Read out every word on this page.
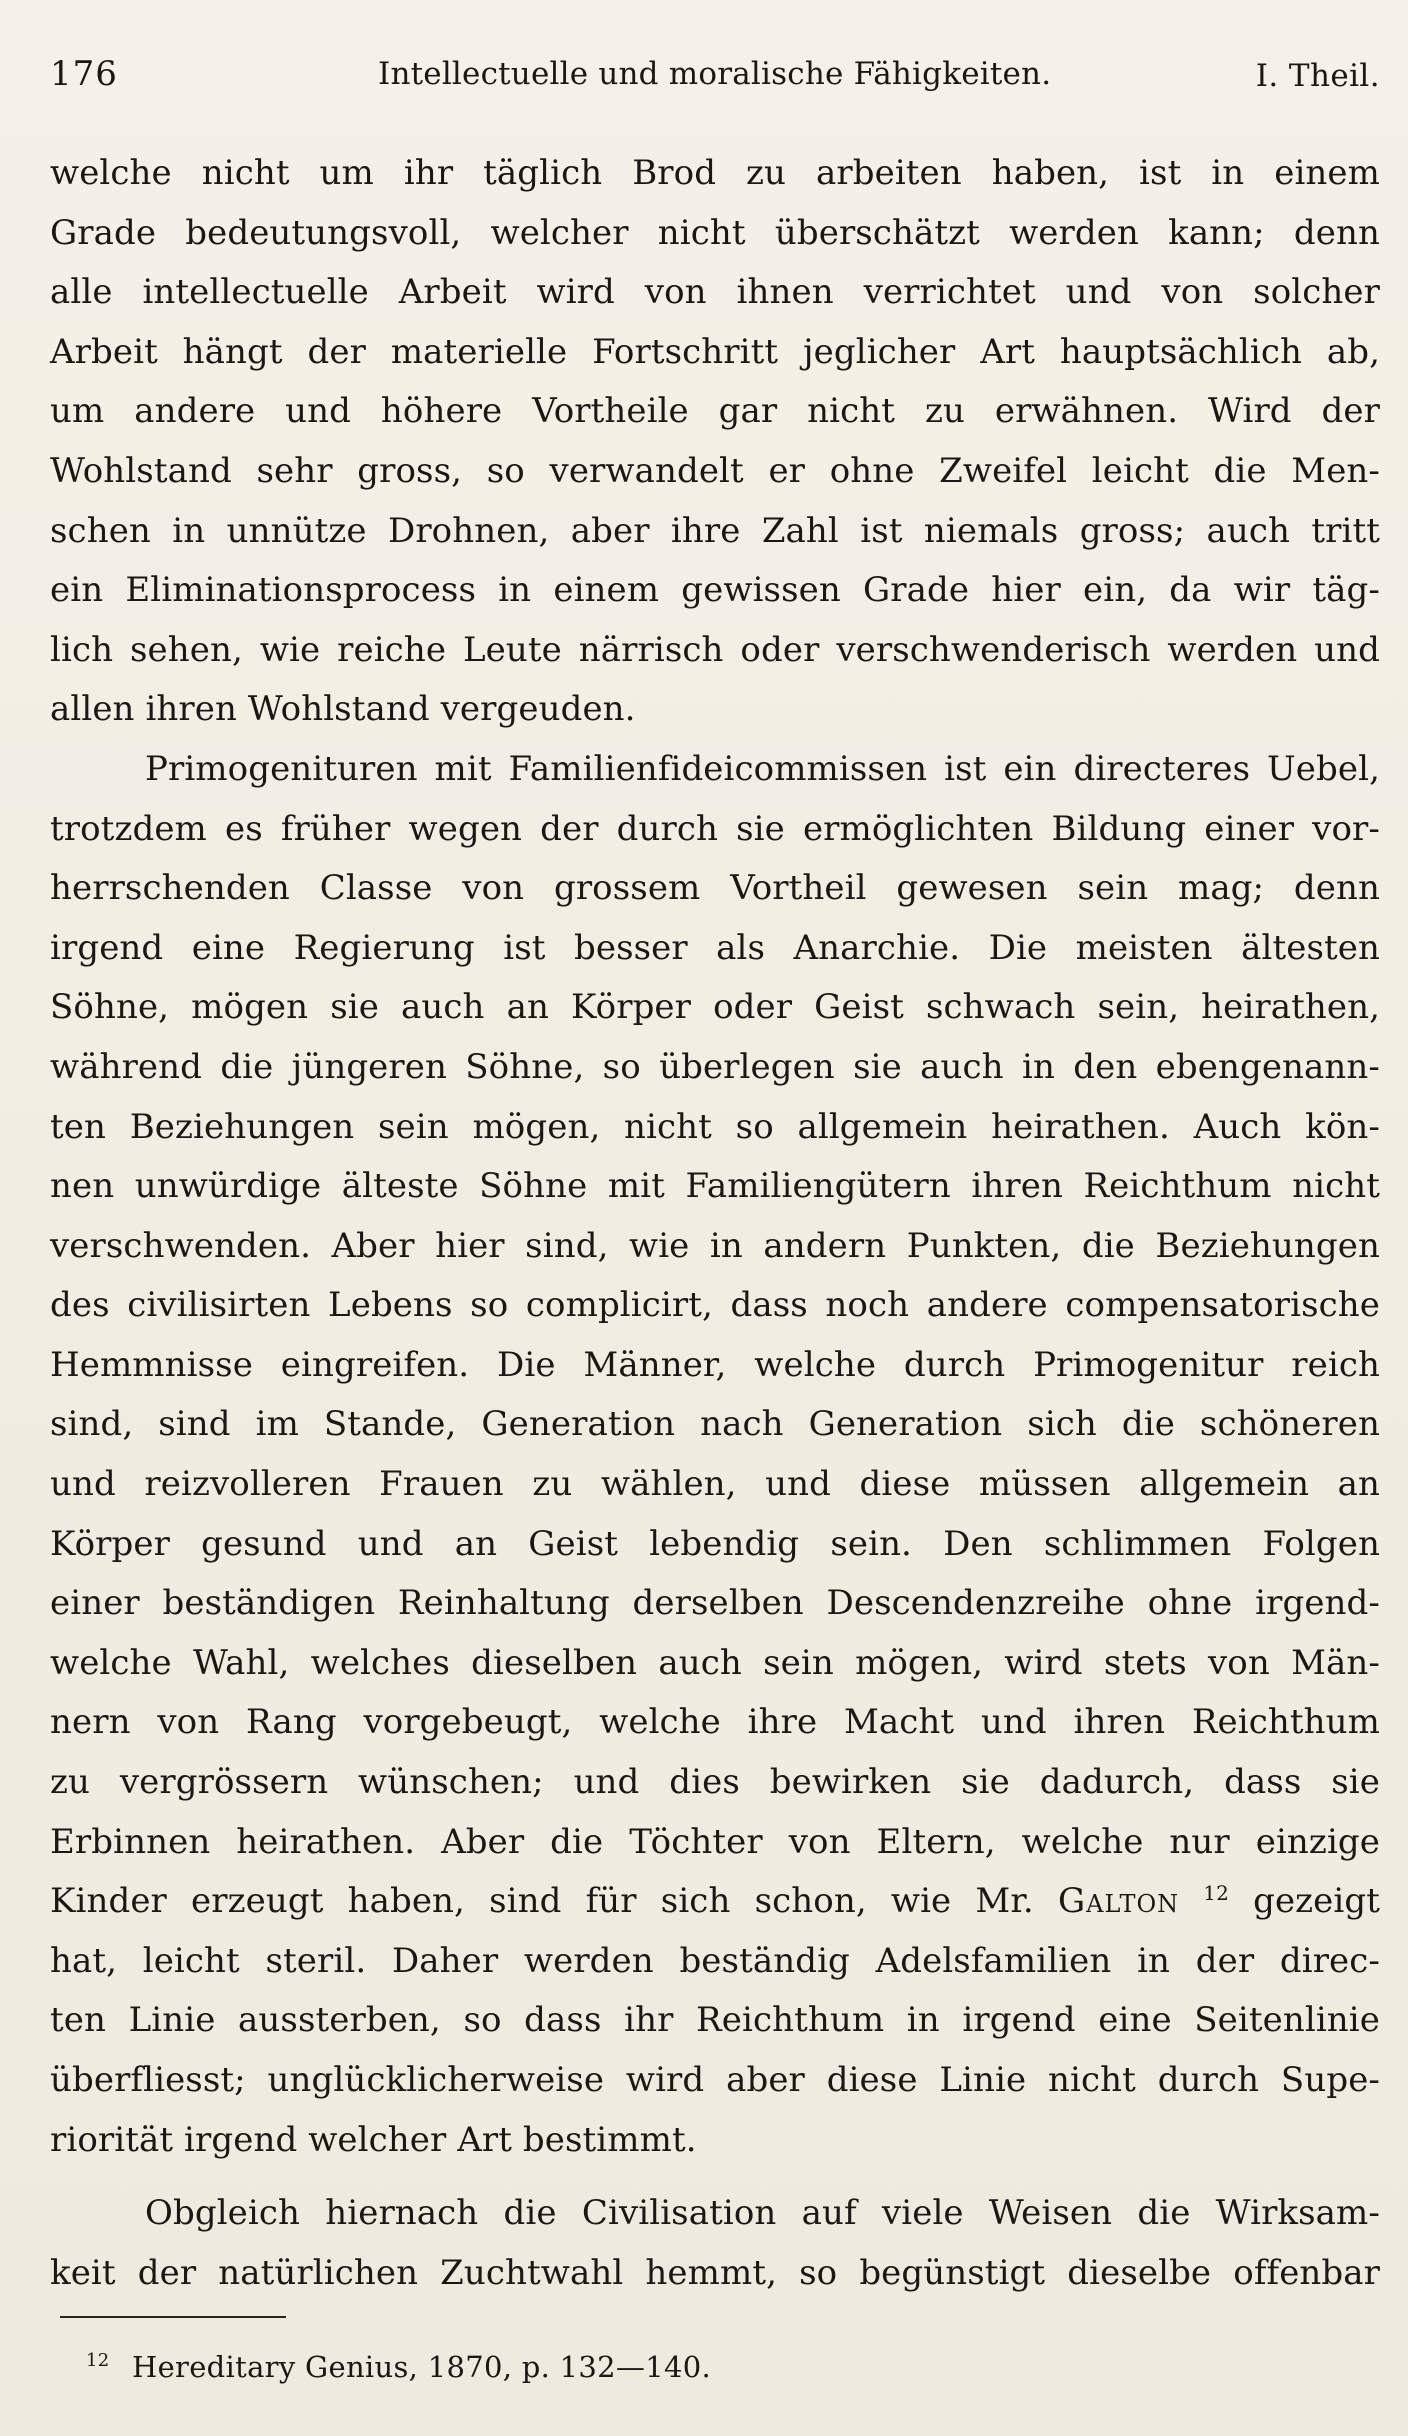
176	Intellectuelle und moralische Fähigkeiten.	I. Theil.
welche nicht um ihr täglich Brod zu arbeiten haben, ist in einem
Grade bedeutungsvoll, welcher nicht überschätzt werden kann; denn
alle intellectuelle Arbeit wird von ihnen verrichtet und von solcher
Arbeit hängt der materielle Fortschritt jeglicher Art hauptsächlich ab,
um andere und höhere Vortheile gar nicht zu erwähnen. Wird der
Wohlstand sehr gross, so verwandelt er ohne Zweifel leicht die Men-
schen in unnütze Drohnen, aber ihre Zahl ist niemals gross; auch tritt
ein Eliminationsprocess in einem gewissen Grade hier ein, da wir täg-
lich sehen, wie reiche Leute närrisch oder verschwenderisch werden und
allen ihren Wohlstand vergeuden.
Primogenituren mit Familienfideicommissen ist ein directeres Uebel,
trotzdem es früher wegen der durch sie ermöglichten Bildung einer vor-
herrschenden Classe von grossem Vortheil gewesen sein mag; denn
irgend eine Regierung ist besser als Anarchie. Die meisten ältesten
Söhne, mögen sie auch an Körper oder Geist schwach sein, heirathen,
während die jüngeren Söhne, so überlegen sie auch in den ebengenann-
ten Beziehungen sein mögen, nicht so allgemein heirathen. Auch kön-
nen unwürdige älteste Söhne mit Familiengütern ihren Reichthum nicht
verschwenden. Aber hier sind, wie in andern Punkten, die Beziehungen
des civilisirten Lebens so complicirt, dass noch andere compensatorische
Hemmnisse eingreifen. Die Männer, welche durch Primogenitur reich
sind, sind im Stande, Generation nach Generation sich die schöneren
und reizvolleren Frauen zu wählen, und diese müssen allgemein an
Körper gesund und an Geist lebendig sein. Den schlimmen Folgen
einer beständigen Reinhaltung derselben Descendenzreihe ohne irgend-
welche Wahl, welches dieselben auch sein mögen, wird stets von Män-
nern von Rang vorgebeugt, welche ihre Macht und ihren Reichthum
zu vergrössern wünschen; und dies bewirken sie dadurch, dass sie
Erbinnen heirathen. Aber die Töchter von Eltern, welche nur einzige
Kinder erzeugt haben, sind für sich schon, wie Mr. Galton $^{12}$ gezeigt
hat, leicht steril. Daher werden beständig Adelsfamilien in der direc-
ten Linie aussterben, so dass ihr Reichthum in irgend eine Seitenlinie
überfliesst; unglücklicherweise wird aber diese Linie nicht durch Supe-
riorität irgend welcher Art bestimmt.
Obgleich hiernach die Civilisation auf viele Weisen die Wirksam-
keit der natürlichen Zuchtwahl hemmt, so begünstigt dieselbe offenbar
12 Hereditary Genius, 1870, p. 132—140.
